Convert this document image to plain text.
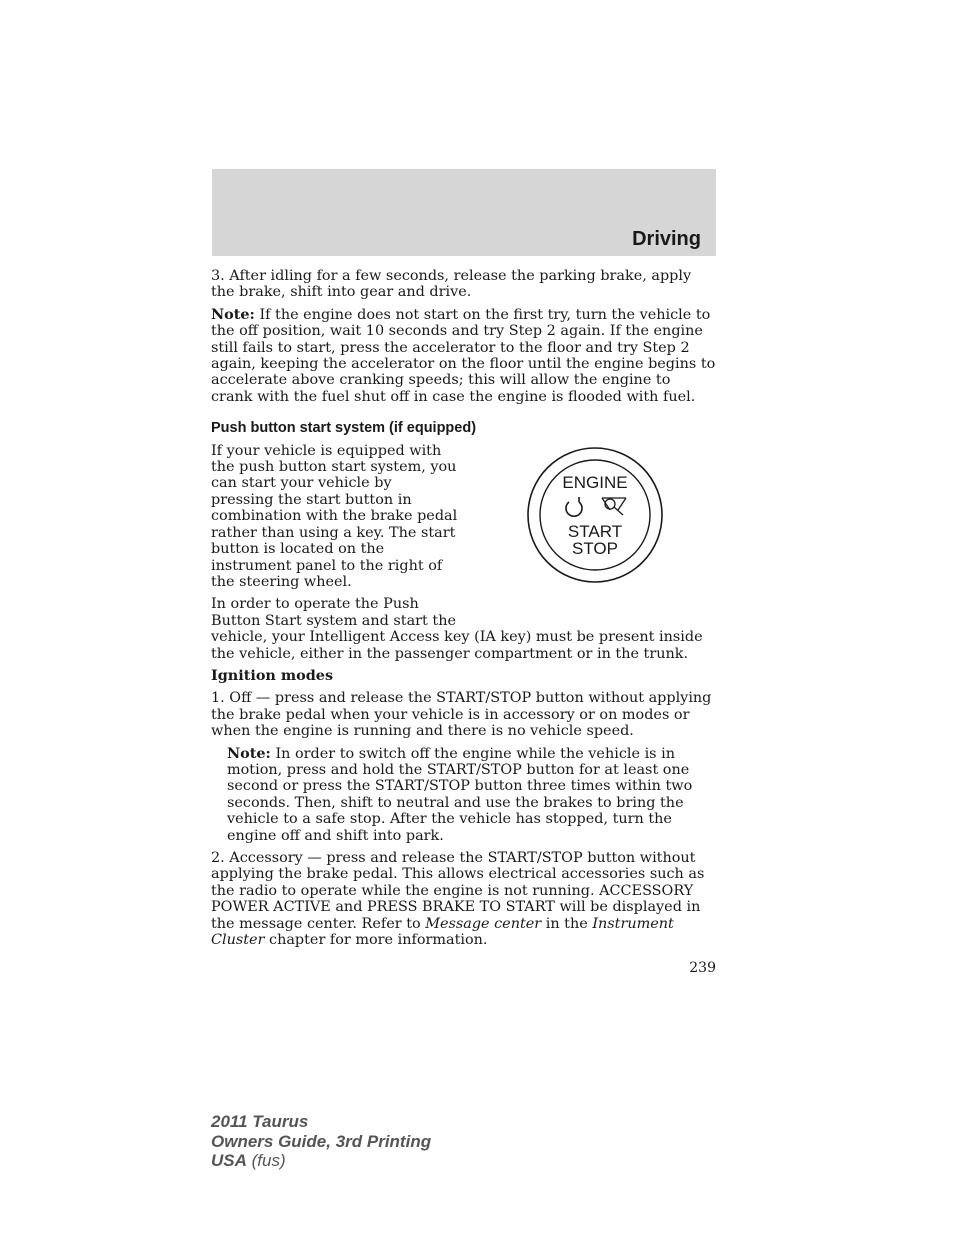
Driving

3. After idling for a few seconds, release the parking brake, apply the brake, shift into gear and drive.

Note: If the engine does not start on the first try, turn the vehicle to the off position, wait 10 seconds and try Step 2 again. If the engine still fails to start, press the accelerator to the floor and try Step 2 again, keeping the accelerator on the floor until the engine begins to accelerate above cranking speeds; this will allow the engine to crank with the fuel shut off in case the engine is flooded with fuel.

Push button start system (if equipped)
ENGINE
START
STOP

If your vehicle is equipped with the push button start system, you can start your vehicle by pressing the start button in combination with the brake pedal rather than using a key. The start button is located on the instrument panel to the right of the steering wheel.

In order to operate the Push Button Start system and start the vehicle, your Intelligent Access key (IA key) must be present inside the vehicle, either in the passenger compartment or in the trunk.

Ignition modes

1. Off — press and release the START/STOP button without applying the brake pedal when your vehicle is in accessory or on modes or when the engine is running and there is no vehicle speed.

Note: In order to switch off the engine while the vehicle is in motion, press and hold the START/STOP button for at least one second or press the START/STOP button three times within two seconds. Then, shift to neutral and use the brakes to bring the vehicle to a safe stop. After the vehicle has stopped, turn the engine off and shift into park.

2. Accessory — press and release the START/STOP button without applying the brake pedal. This allows electrical accessories such as the radio to operate while the engine is not running. ACCESSORY POWER ACTIVE and PRESS BRAKE TO START will be displayed in the message center. Refer to Message center in the Instrument Cluster chapter for more information.

239
2011 Taurus
Owners Guide, 3rd Printing
USA (fus)
